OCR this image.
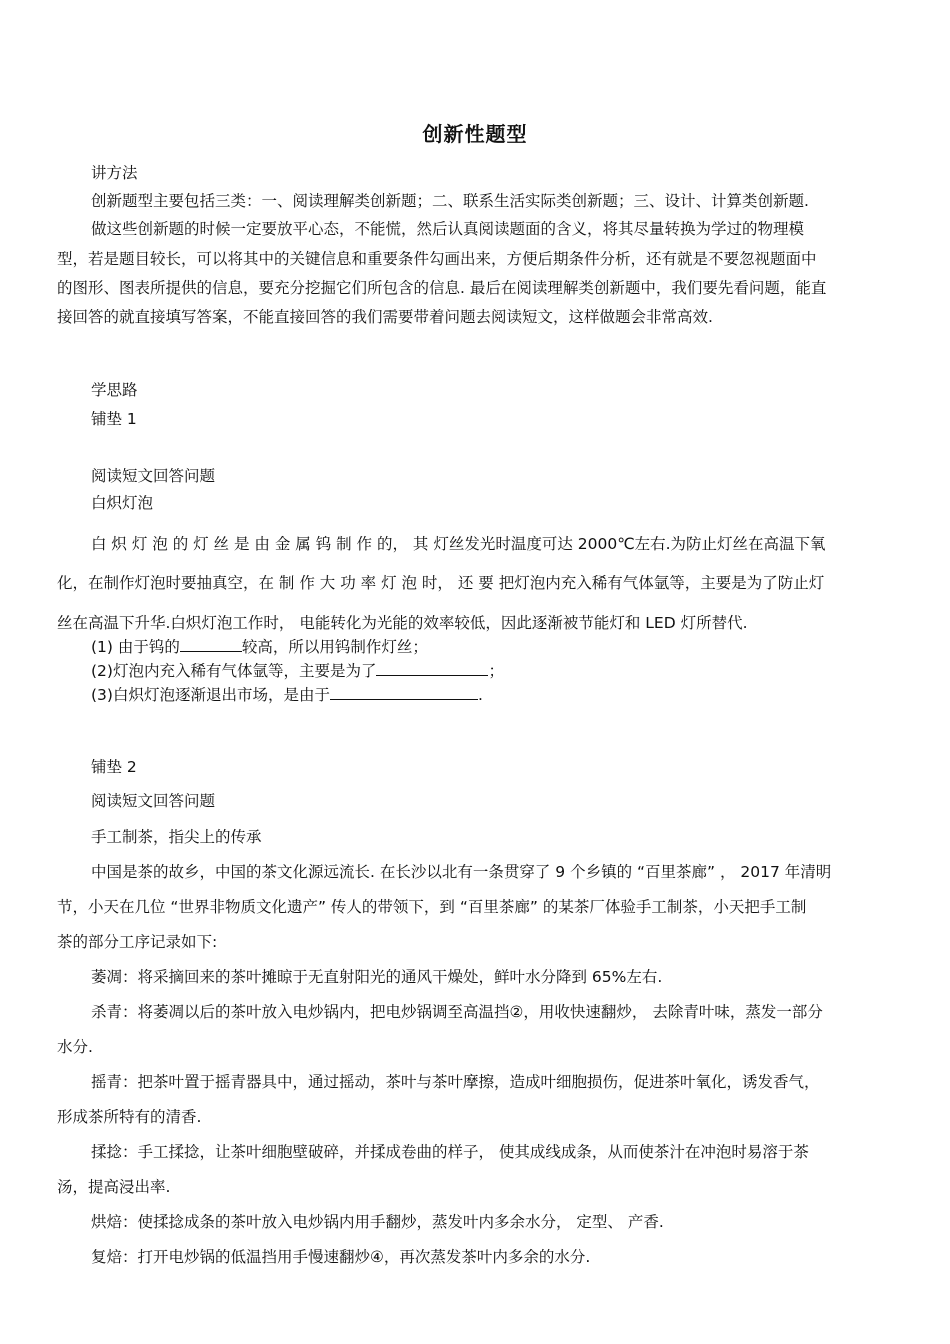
创新性题型
讲方法
创新题型主要包括三类：一、阅读理解类创新题；二、联系生活实际类创新题；三、设计、计算类创新题.
做这些创新题的时候一定要放平心态，不能慌，然后认真阅读题面的含义，将其尽量转换为学过的物理模
型，若是题目较长，可以将其中的关键信息和重要条件勾画出来，方便后期条件分析，还有就是不要忽视题面中
的图形、图表所提供的信息，要充分挖掘它们所包含的信息. 最后在阅读理解类创新题中，我们要先看问题，能直
接回答的就直接填写答案，不能直接回答的我们需要带着问题去阅读短文，这样做题会非常高效.
学思路
铺垫 1
阅读短文回答问题
白炽灯泡
白 炽 灯 泡 的 灯 丝 是 由 金 属 钨 制 作 的， 其 灯丝发光时温度可达 2000℃左右.为防止灯丝在高温下氧
化，在制作灯泡时要抽真空，在 制 作 大 功 率 灯 泡 时， 还 要 把灯泡内充入稀有气体氩等，主要是为了防止灯
丝在高温下升华.白炽灯泡工作时， 电能转化为光能的效率较低，因此逐渐被节能灯和 LED 灯所替代.
(1) 由于钨的	较高，所以用钨制作灯丝；
(2)灯泡内充入稀有气体氩等，主要是为了	；
(3)白炽灯泡逐渐退出市场，是由于	.
铺垫 2
阅读短文回答问题
手工制茶，指尖上的传承
中国是茶的故乡，中国的茶文化源远流长. 在长沙以北有一条贯穿了 9 个乡镇的 “百里茶廊” ， 2017 年清明
节，小天在几位 “世界非物质文化遗产” 传人的带领下，到 “百里茶廊” 的某茶厂体验手工制茶，小天把手工制
茶的部分工序记录如下:
萎凋：将采摘回来的茶叶摊晾于无直射阳光的通风干燥处，鲜叶水分降到 65%左右.
杀青：将萎凋以后的茶叶放入电炒锅内，把电炒锅调至高温挡②，用收快速翻炒， 去除青叶味，蒸发一部分
水分.
摇青：把茶叶置于摇青器具中，通过摇动，茶叶与茶叶摩擦，造成叶细胞损伤，促进茶叶氧化，诱发香气，
形成茶所特有的清香.
揉捻：手工揉捻，让茶叶细胞壁破碎，并揉成卷曲的样子， 使其成线成条，从而使茶汁在冲泡时易溶于茶
汤，提高浸出率.
烘焙：使揉捻成条的茶叶放入电炒锅内用手翻炒，蒸发叶内多余水分， 定型、 产香.
复焙：打开电炒锅的低温挡用手慢速翻炒④，再次蒸发茶叶内多余的水分.
